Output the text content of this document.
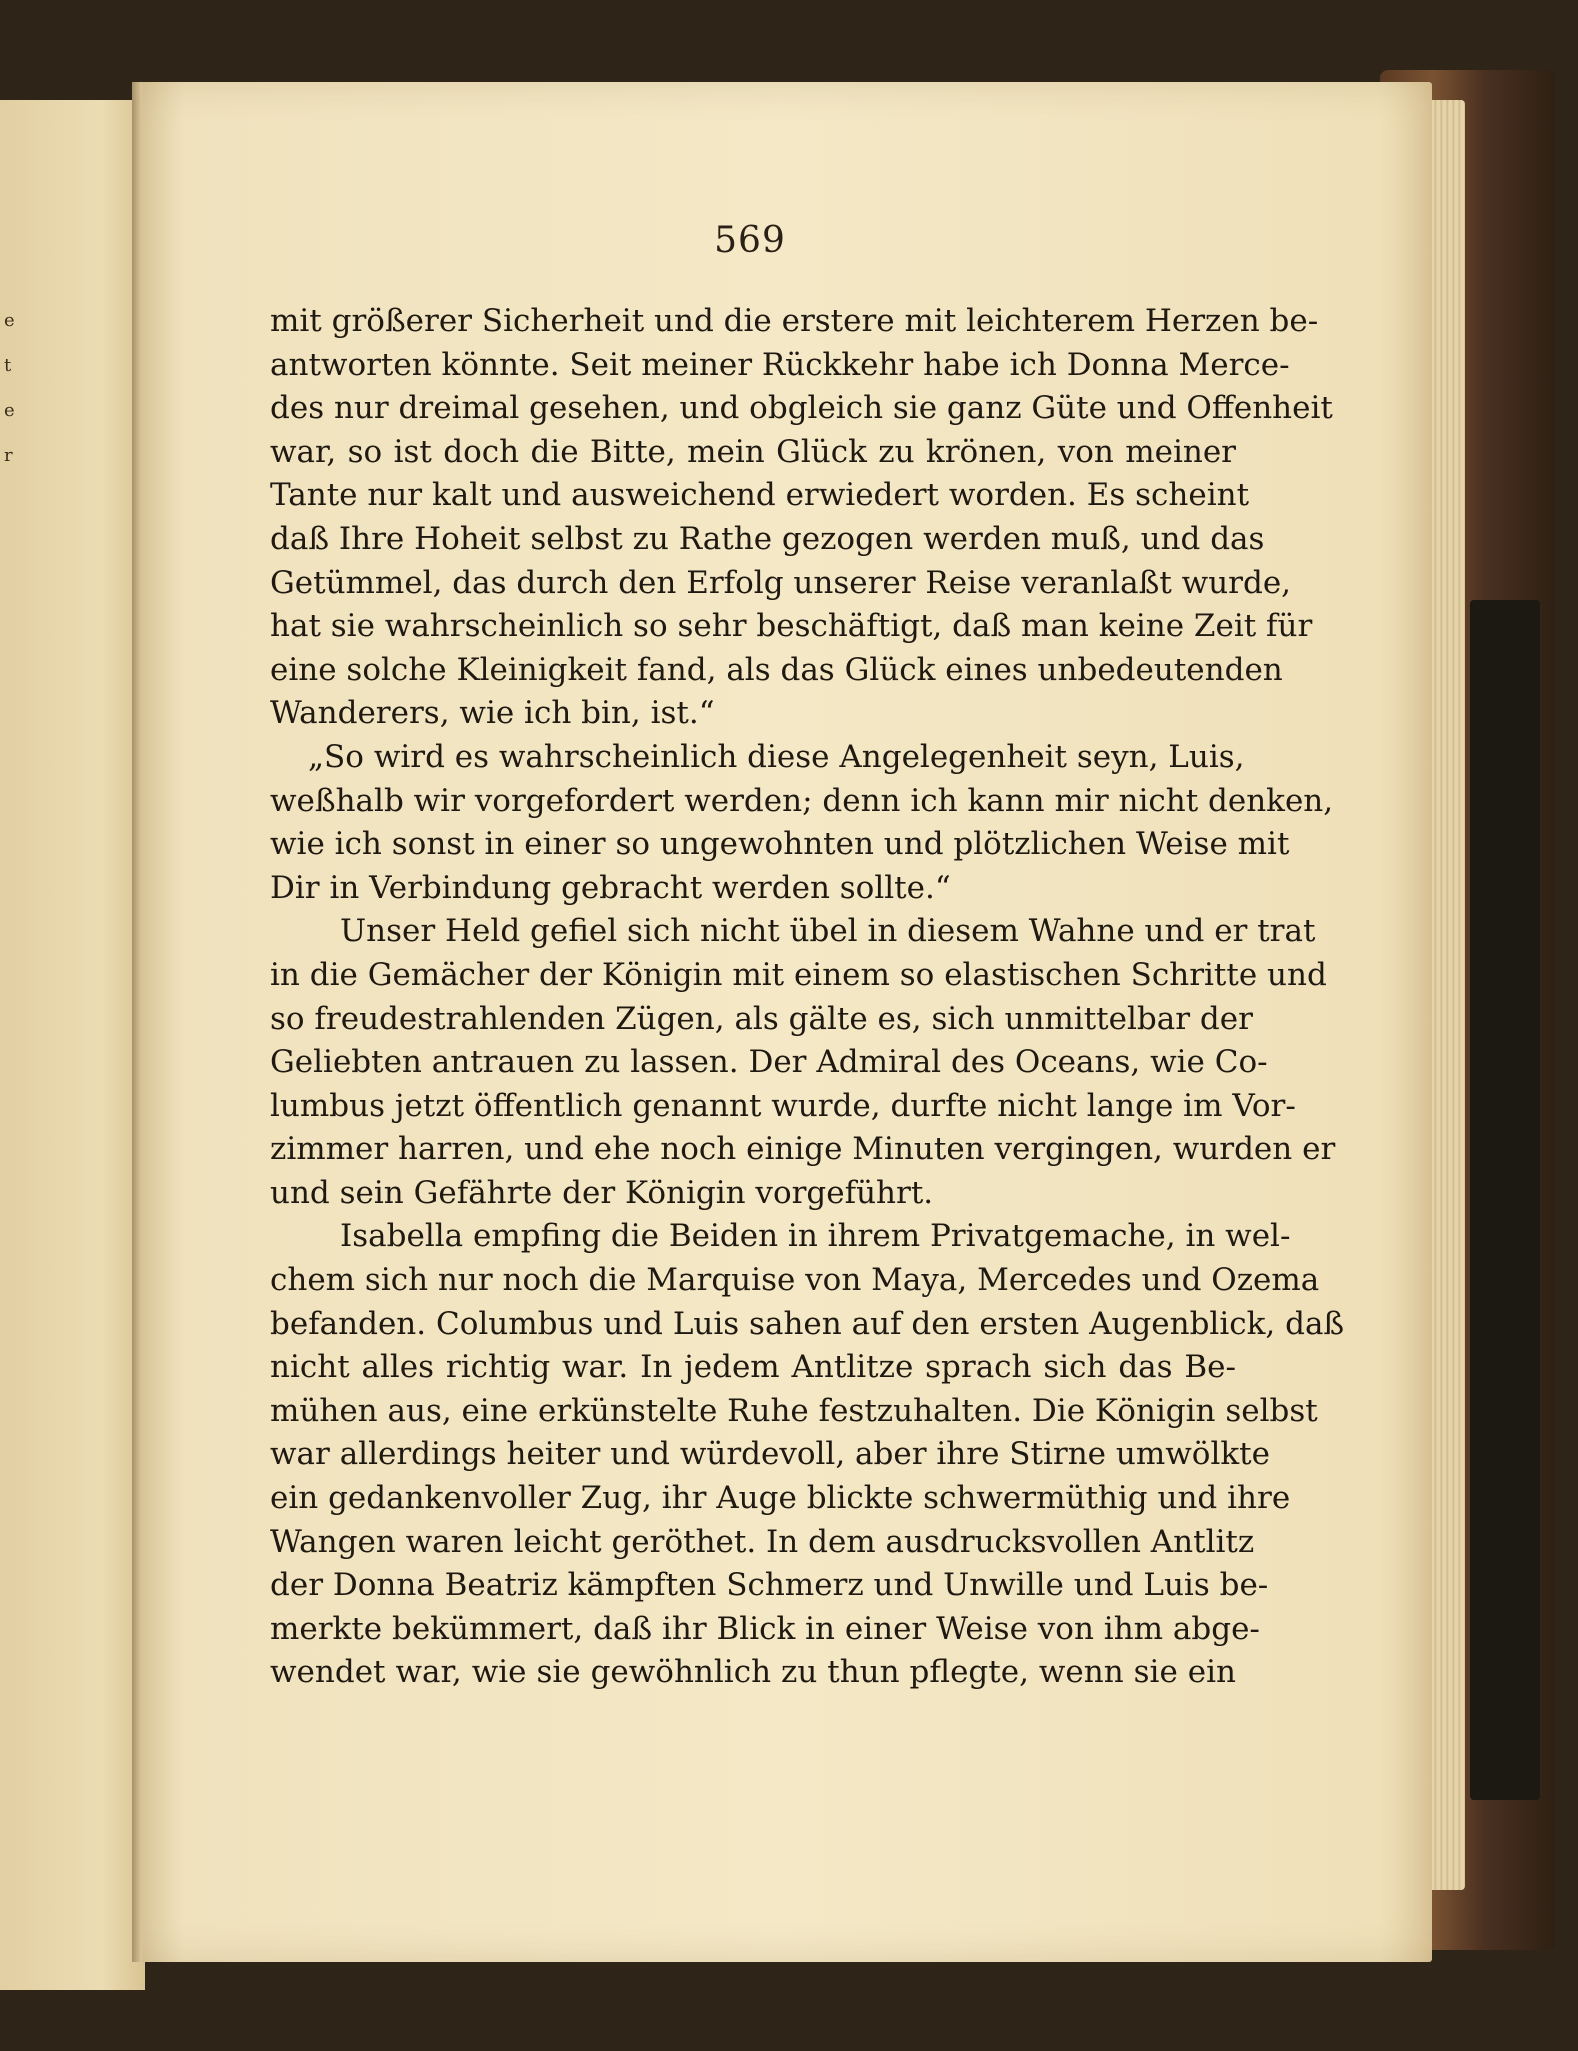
e
t
e
r
569
mit größerer Sicherheit und die erstere mit leichterem Herzen be-
antworten könnte. Seit meiner Rückkehr habe ich Donna Merce-
des nur dreimal gesehen, und obgleich sie ganz Güte und Offenheit
war, so ist doch die Bitte, mein Glück zu krönen, von meiner
Tante nur kalt und ausweichend erwiedert worden. Es scheint
daß Ihre Hoheit selbst zu Rathe gezogen werden muß, und das
Getümmel, das durch den Erfolg unserer Reise veranlaßt wurde,
hat sie wahrscheinlich so sehr beschäftigt, daß man keine Zeit für
eine solche Kleinigkeit fand, als das Glück eines unbedeutenden
Wanderers, wie ich bin, ist.“
„So wird es wahrscheinlich diese Angelegenheit seyn, Luis,
weßhalb wir vorgefordert werden; denn ich kann mir nicht denken,
wie ich sonst in einer so ungewohnten und plötzlichen Weise mit
Dir in Verbindung gebracht werden sollte.“
Unser Held gefiel sich nicht übel in diesem Wahne und er trat
in die Gemächer der Königin mit einem so elastischen Schritte und
so freudestrahlenden Zügen, als gälte es, sich unmittelbar der
Geliebten antrauen zu lassen. Der Admiral des Oceans, wie Co-
lumbus jetzt öffentlich genannt wurde, durfte nicht lange im Vor-
zimmer harren, und ehe noch einige Minuten vergingen, wurden er
und sein Gefährte der Königin vorgeführt.
Isabella empfing die Beiden in ihrem Privatgemache, in wel-
chem sich nur noch die Marquise von Maya, Mercedes und Ozema
befanden. Columbus und Luis sahen auf den ersten Augenblick, daß
nicht alles richtig war. In jedem Antlitze sprach sich das Be-
mühen aus, eine erkünstelte Ruhe festzuhalten. Die Königin selbst
war allerdings heiter und würdevoll, aber ihre Stirne umwölkte
ein gedankenvoller Zug, ihr Auge blickte schwermüthig und ihre
Wangen waren leicht geröthet. In dem ausdrucksvollen Antlitz
der Donna Beatriz kämpften Schmerz und Unwille und Luis be-
merkte bekümmert, daß ihr Blick in einer Weise von ihm abge-
wendet war, wie sie gewöhnlich zu thun pflegte, wenn sie ein
